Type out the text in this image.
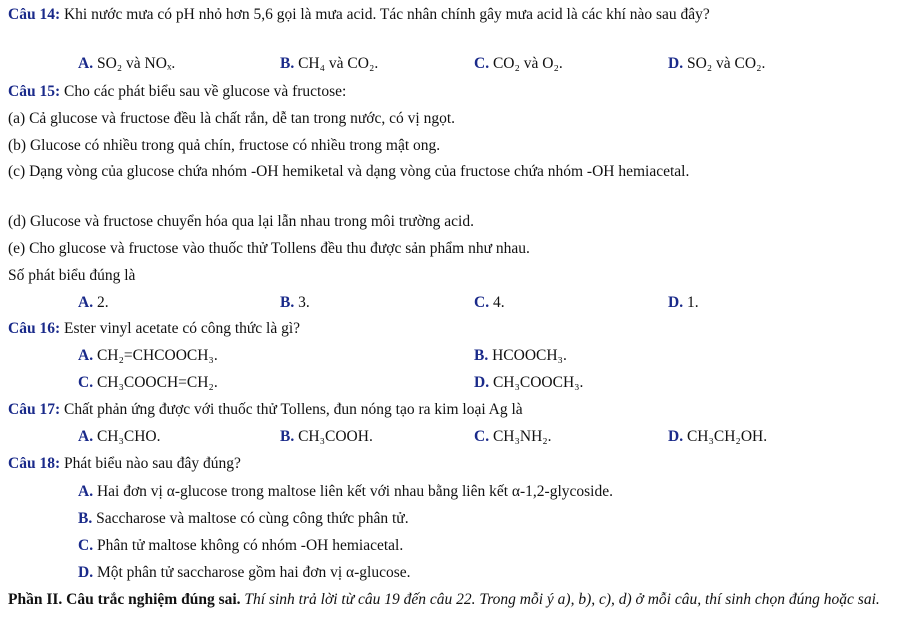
Câu 14: Khi nước mưa có pH nhỏ hơn 5,6 gọi là mưa acid. Tác nhân chính gây mưa acid là các khí nào sau đây?
A. SO₂ và NOₓ.	B. CH₄ và CO₂.	C. CO₂ và O₂.	D. SO₂ và CO₂.
Câu 15: Cho các phát biểu sau về glucose và fructose:
(a) Cả glucose và fructose đều là chất rắn, dễ tan trong nước, có vị ngọt.
(b) Glucose có nhiều trong quả chín, fructose có nhiều trong mật ong.
(c) Dạng vòng của glucose chứa nhóm -OH hemiketal và dạng vòng của fructose chứa nhóm -OH hemiacetal.
(d) Glucose và fructose chuyển hóa qua lại lẫn nhau trong môi trường acid.
(e) Cho glucose và fructose vào thuốc thử Tollens đều thu được sản phẩm như nhau.
Số phát biểu đúng là
A. 2.	B. 3.	C. 4.	D. 1.
Câu 16: Ester vinyl acetate có công thức là gì?
A. CH₂=CHCOOCH₃.	B. HCOOCH₃.
C. CH₃COOCH=CH₂.	D. CH₃COOCH₃.
Câu 17: Chất phản ứng được với thuốc thử Tollens, đun nóng tạo ra kim loại Ag là
A. CH₃CHO.	B. CH₃COOH.	C. CH₃NH₂.	D. CH₃CH₂OH.
Câu 18: Phát biểu nào sau đây đúng?
A. Hai đơn vị α-glucose trong maltose liên kết với nhau bằng liên kết α-1,2-glycoside.
B. Saccharose và maltose có cùng công thức phân tử.
C. Phân tử maltose không có nhóm -OH hemiacetal.
D. Một phân tử saccharose gồm hai đơn vị α-glucose.
Phần II. Câu trắc nghiệm đúng sai. Thí sinh trả lời từ câu 19 đến câu 22. Trong mỗi ý a), b), c), d) ở mỗi câu, thí sinh chọn đúng hoặc sai.
